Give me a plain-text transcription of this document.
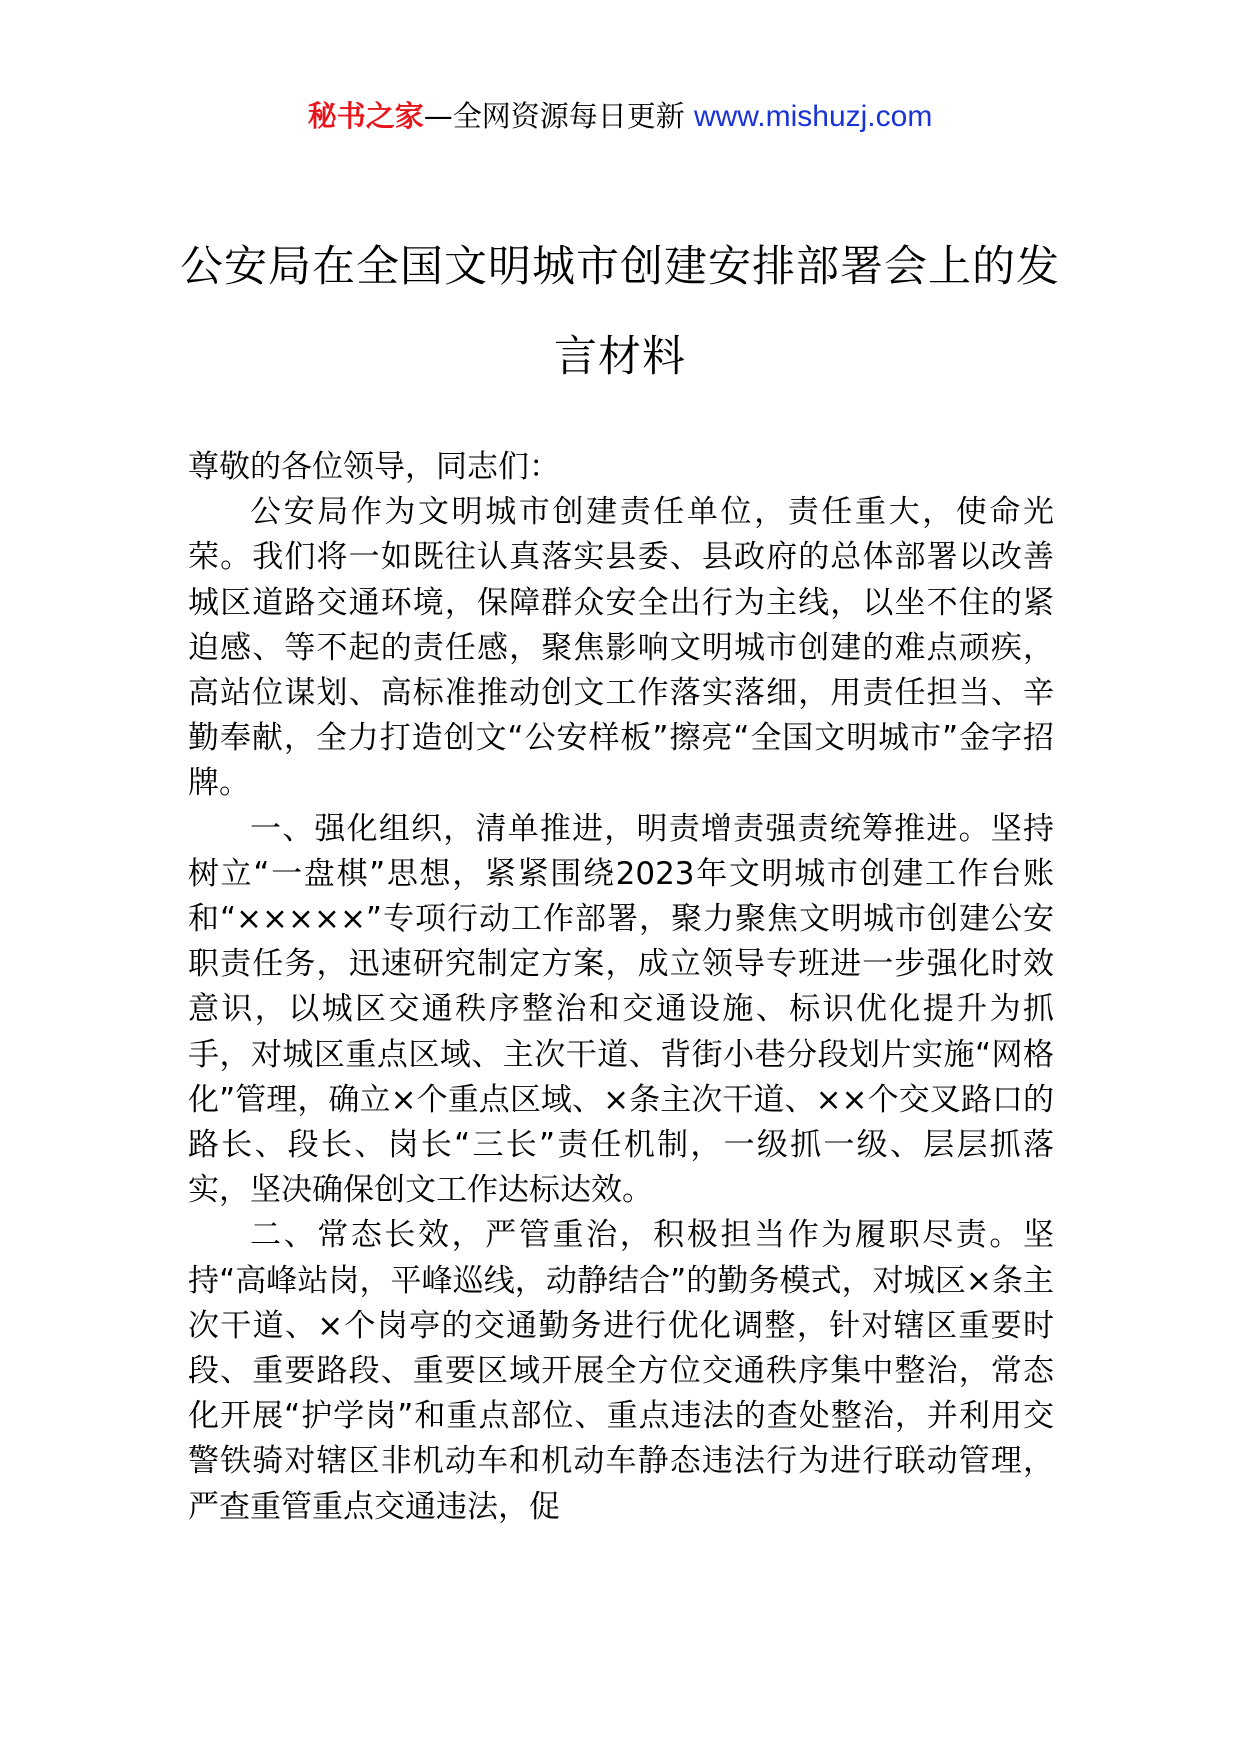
秘书之家—全网资源每日更新 www.mishuzj.com
公安局在全国文明城市创建安排部署会上的发言材料

尊敬的各位领导，同志们：

公安局作为文明城市创建责任单位，责任重大，使命光荣。我们将一如既往认真落实县委、县政府的总体部署以改善城区道路交通环境，保障群众安全出行为主线，以坐不住的紧迫感、等不起的责任感，聚焦影响文明城市创建的难点顽疾，高站位谋划、高标准推动创文工作落实落细，用责任担当、辛勤奉献，全力打造创文“公安样板”擦亮“全国文明城市”金字招牌。

一、强化组织，清单推进，明责增责强责统筹推进。坚持树立“一盘棋”思想，紧紧围绕2023年文明城市创建工作台账和“×××××”专项行动工作部署，聚力聚焦文明城市创建公安职责任务，迅速研究制定方案，成立领导专班进一步强化时效意识，以城区交通秩序整治和交通设施、标识优化提升为抓手，对城区重点区域、主次干道、背街小巷分段划片实施“网格化”管理，确立×个重点区域、×条主次干道、××个交叉路口的路长、段长、岗长“三长”责任机制，一级抓一级、层层抓落实，坚决确保创文工作达标达效。

二、常态长效，严管重治，积极担当作为履职尽责。坚持“高峰站岗，平峰巡线，动静结合”的勤务模式，对城区×条主次干道、×个岗亭的交通勤务进行优化调整，针对辖区重要时段、重要路段、重要区域开展全方位交通秩序集中整治，常态化开展“护学岗”和重点部位、重点违法的查处整治，并利用交警铁骑对辖区非机动车和机动车静态违法行为进行联动管理，严查重管重点交通违法，促
